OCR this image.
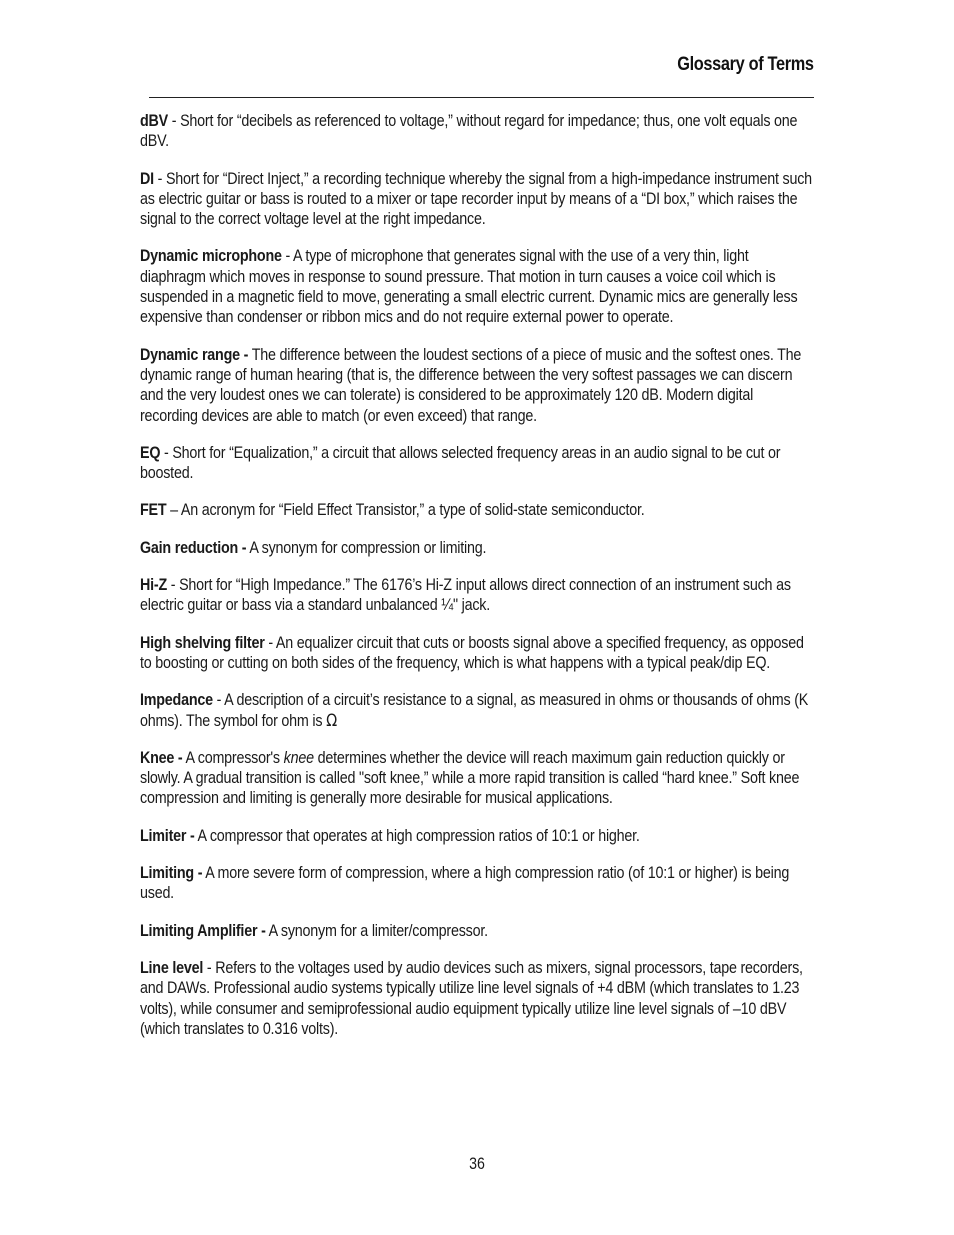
Glossary of Terms

dBV - Short for “decibels as referenced to voltage,” without regard for impedance; thus, one volt equals one dBV.

DI - Short for “Direct Inject,” a recording technique whereby the signal from a high-impedance instrument such as electric guitar or bass is routed to a mixer or tape recorder input by means of a “DI box,” which raises the signal to the correct voltage level at the right impedance.

Dynamic microphone - A type of microphone that generates signal with the use of a very thin, light diaphragm which moves in response to sound pressure. That motion in turn causes a voice coil which is suspended in a magnetic field to move, generating a small electric current. Dynamic mics are generally less expensive than condenser or ribbon mics and do not require external power to operate.

Dynamic range - The difference between the loudest sections of a piece of music and the softest ones. The dynamic range of human hearing (that is, the difference between the very softest passages we can discern and the very loudest ones we can tolerate) is considered to be approximately 120 dB. Modern digital recording devices are able to match (or even exceed) that range.

EQ - Short for “Equalization,” a circuit that allows selected frequency areas in an audio signal to be cut or boosted.

FET – An acronym for “Field Effect Transistor,” a type of solid-state semiconductor.

Gain reduction - A synonym for compression or limiting.

Hi-Z - Short for “High Impedance.” The 6176’s Hi-Z input allows direct connection of an instrument such as electric guitar or bass via a standard unbalanced ¼" jack.

High shelving filter - An equalizer circuit that cuts or boosts signal above a specified frequency, as opposed to boosting or cutting on both sides of the frequency, which is what happens with a typical peak/dip EQ.

Impedance - A description of a circuit’s resistance to a signal, as measured in ohms or thousands of ohms (K ohms). The symbol for ohm is Ω

Knee - A compressor's knee determines whether the device will reach maximum gain reduction quickly or slowly. A gradual transition is called "soft knee,” while a more rapid transition is called “hard knee.” Soft knee compression and limiting is generally more desirable for musical applications.

Limiter - A compressor that operates at high compression ratios of 10:1 or higher.

Limiting - A more severe form of compression, where a high compression ratio (of 10:1 or higher) is being used.

Limiting Amplifier - A synonym for a limiter/compressor.

Line level - Refers to the voltages used by audio devices such as mixers, signal processors, tape recorders, and DAWs. Professional audio systems typically utilize line level signals of +4 dBM (which translates to 1.23 volts), while consumer and semiprofessional audio equipment typically utilize line level signals of –10 dBV (which translates to 0.316 volts).

36
